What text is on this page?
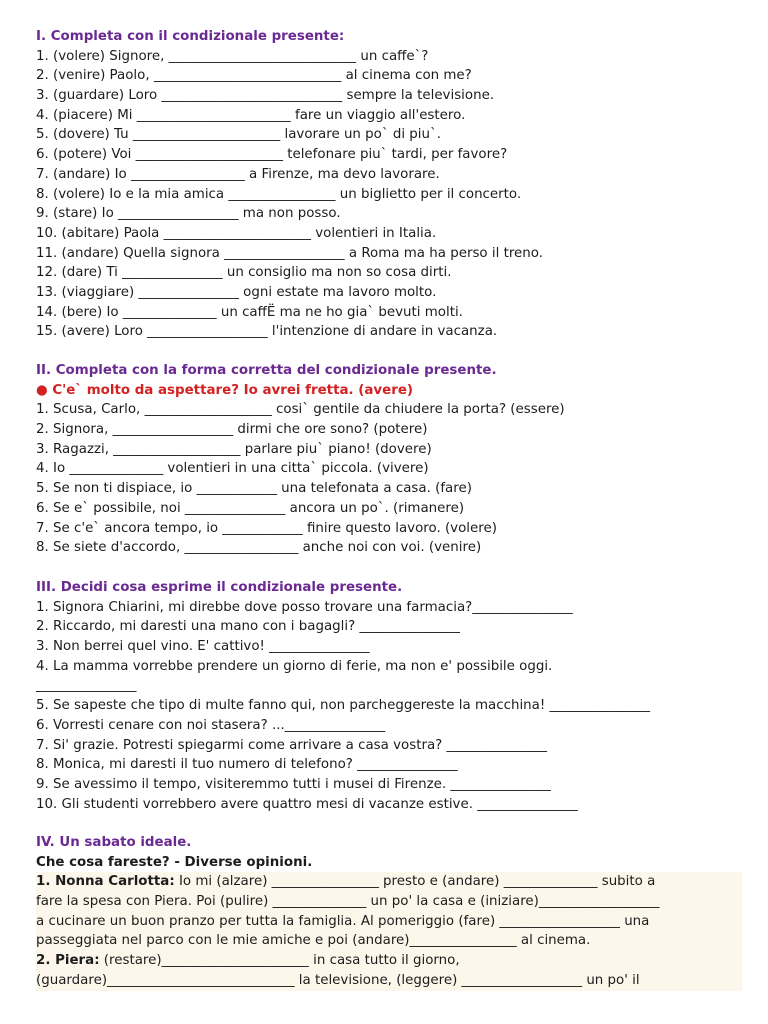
I. Completa con il condizionale presente:
1. (volere) Signore, ____________________________ un caffe`?
2. (venire) Paolo, ____________________________ al cinema con me?
3. (guardare) Loro ___________________________ sempre la televisione.
4. (piacere) Mi _______________________ fare un viaggio all'estero.
5. (dovere) Tu ______________________ lavorare un po` di piu`.
6. (potere) Voi ______________________ telefonare piu` tardi, per favore?
7. (andare) Io _________________ a Firenze, ma devo lavorare.
8. (volere) Io e la mia amica ________________ un biglietto per il concerto.
9. (stare) Io __________________ ma non posso.
10. (abitare) Paola ______________________ volentieri in Italia.
11. (andare) Quella signora __________________ a Roma ma ha perso il treno.
12. (dare) Ti _______________ un consiglio ma non so cosa dirti.
13. (viaggiare) _______________ ogni estate ma lavoro molto.
14. (bere) Io ______________ un caffË ma ne ho gia` bevuti molti.
15. (avere) Loro __________________ l'intenzione di andare in vacanza.
II. Completa con la forma corretta del condizionale presente.
● C'e` molto da aspettare? Io avrei fretta. (avere)
1. Scusa, Carlo, ___________________ cosi` gentile da chiudere la porta? (essere)
2. Signora, __________________ dirmi che ore sono? (potere)
3. Ragazzi, ___________________ parlare piu` piano! (dovere)
4. Io ______________ volentieri in una citta` piccola. (vivere)
5. Se non ti dispiace, io ____________ una telefonata a casa. (fare)
6. Se e` possibile, noi _______________ ancora un po`. (rimanere)
7. Se c'e` ancora tempo, io ____________ finire questo lavoro. (volere)
8. Se siete d'accordo, _________________ anche noi con voi. (venire)
III. Decidi cosa esprime il condizionale presente.
1. Signora Chiarini, mi direbbe dove posso trovare una farmacia?_______________
2. Riccardo, mi daresti una mano con i bagagli? _______________
3. Non berrei quel vino. E' cattivo! _______________
4. La mamma vorrebbe prendere un giorno di ferie, ma non e' possibile oggi.
_______________
5. Se sapeste che tipo di multe fanno qui, non parcheggereste la macchina! _______________
6. Vorresti cenare con noi stasera? ..._______________
7. Si' grazie. Potresti spiegarmi come arrivare a casa vostra? _______________
8. Monica, mi daresti il tuo numero di telefono? _______________
9. Se avessimo il tempo, visiteremmo tutti i musei di Firenze. _______________
10. Gli studenti vorrebbero avere quattro mesi di vacanze estive. _______________
IV. Un sabato ideale.
Che cosa fareste? - Diverse opinioni.
1. Nonna Carlotta: Io mi (alzare) ________________ presto e (andare) ______________ subito a
fare la spesa con Piera. Poi (pulire) ______________ un po' la casa e (iniziare)__________________
a cucinare un buon pranzo per tutta la famiglia. Al pomeriggio (fare) __________________ una
passeggiata nel parco con le mie amiche e poi (andare)________________ al cinema.
2. Piera: (restare)______________________ in casa tutto il giorno,
(guardare)____________________________ la televisione, (leggere) __________________ un po' il
